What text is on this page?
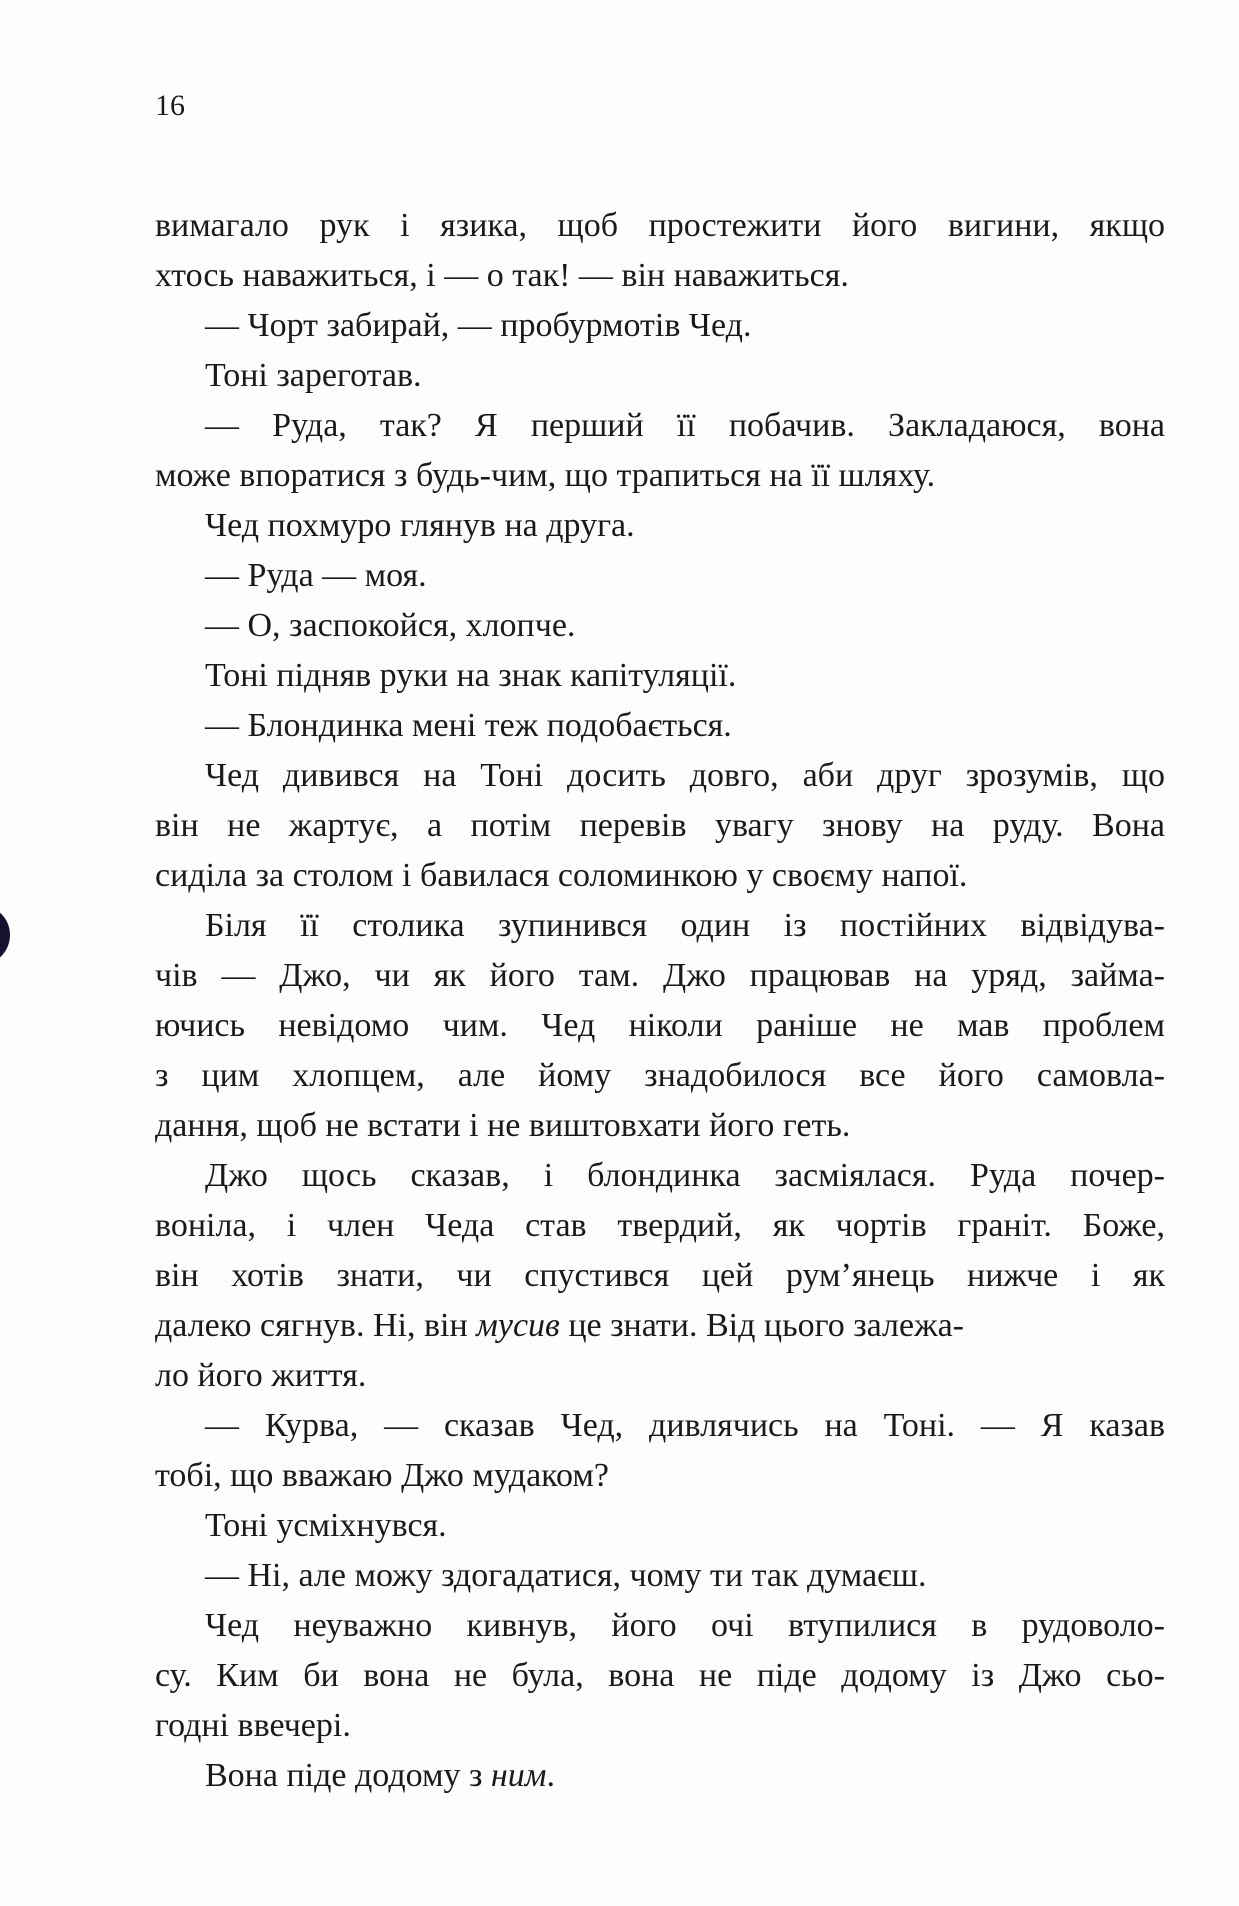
16
вимагало рук і язика, щоб простежити його вигини, якщо
хтось наважиться, і — о так! — він наважиться.
— Чорт забирай, — пробурмотів Чед.
Тоні зареготав.
— Руда, так? Я перший її побачив. Закладаюся, вона
може впоратися з будь-чим, що трапиться на її шляху.
Чед похмуро глянув на друга.
— Руда — моя.
— О, заспокойся, хлопче.
Тоні підняв руки на знак капітуляції.
— Блондинка мені теж подобається.
Чед дивився на Тоні досить довго, аби друг зрозумів, що
він не жартує, а потім перевів увагу знову на руду. Вона
сиділа за столом і бавилася соломинкою у своєму напої.
Біля її столика зупинився один із постійних відвідува-
чів — Джо, чи як його там. Джо працював на уряд, займа-
ючись невідомо чим. Чед ніколи раніше не мав проблем
з цим хлопцем, але йому знадобилося все його самовла-
дання, щоб не встати і не виштовхати його геть.
Джо щось сказав, і блондинка засміялася. Руда почер-
воніла, і член Чеда став твердий, як чортів граніт. Боже,
він хотів знати, чи спустився цей рум’янець нижче і як
далеко сягнув. Ні, він мусив це знати. Від цього залежа-
ло його життя.
— Курва, — сказав Чед, дивлячись на Тоні. — Я казав
тобі, що вважаю Джо мудаком?
Тоні усміхнувся.
— Ні, але можу здогадатися, чому ти так думаєш.
Чед неуважно кивнув, його очі втупилися в рудоволо-
су. Ким би вона не була, вона не піде додому із Джо сьо-
годні ввечері.
Вона піде додому з ним.
